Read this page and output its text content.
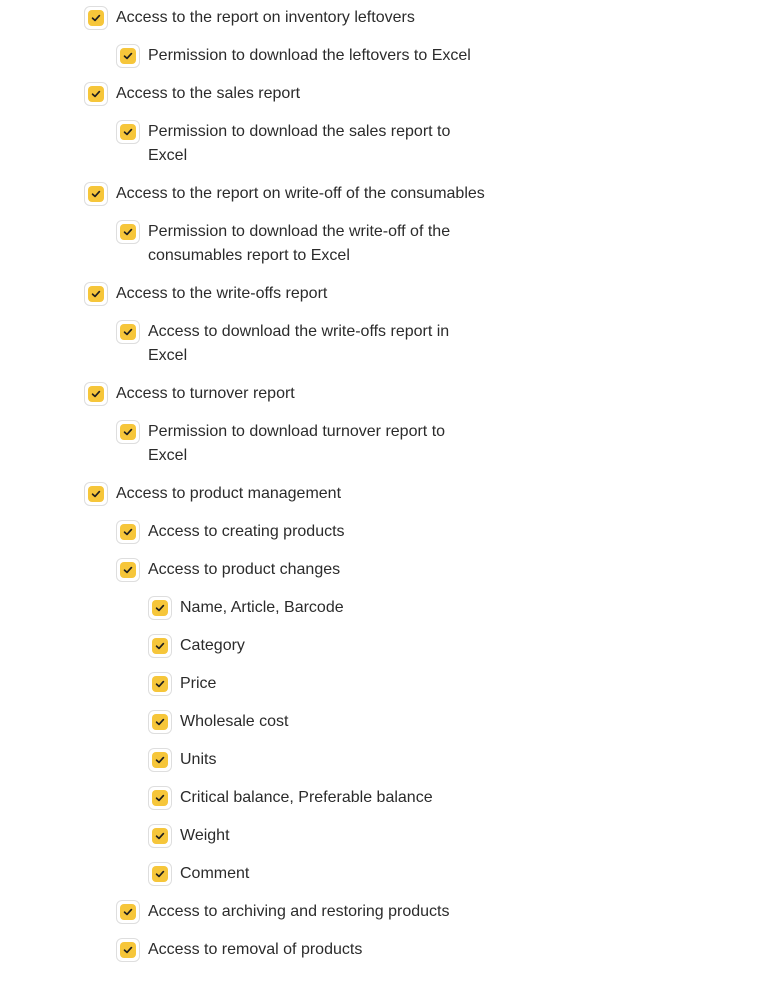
Access to the report on inventory leftovers
Permission to download the leftovers to Excel
Access to the sales report
Permission to download the sales report to Excel
Access to the report on write-off of the consumables
Permission to download the write-off of the consumables report to Excel
Access to the write-offs report
Access to download the write-offs report in Excel
Access to turnover report
Permission to download turnover report to Excel
Access to product management
Access to creating products
Access to product changes
Name, Article, Barcode
Category
Price
Wholesale cost
Units
Critical balance, Preferable balance
Weight
Comment
Access to archiving and restoring products
Access to removal of products
